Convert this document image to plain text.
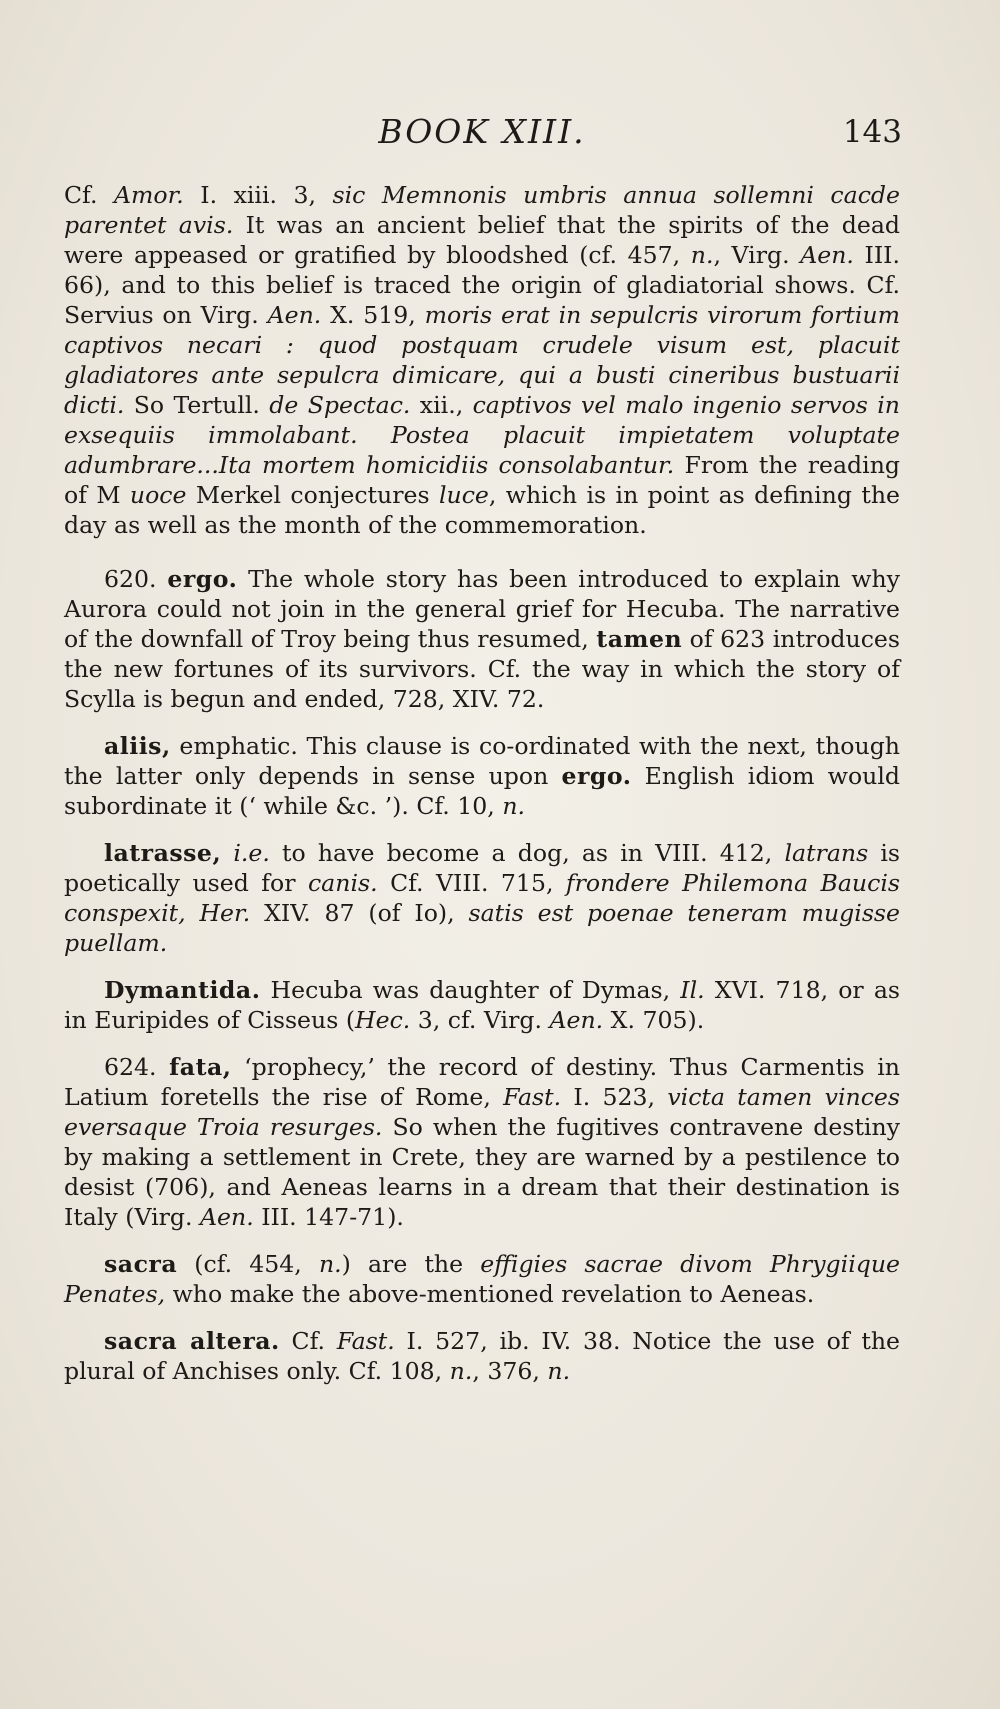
BOOK XIII.	143

Cf. Amor. I. xiii. 3, sic Memnonis umbris annua sollemni cacde parentet avis. It was an ancient belief that the spirits of the dead were appeased or gratified by bloodshed (cf. 457, n., Virg. Aen. III. 66), and to this belief is traced the origin of gladiatorial shows. Cf. Servius on Virg. Aen. X. 519, moris erat in sepulcris virorum fortium captivos necari : quod postquam crudele visum est, placuit gladiatores ante sepulcra dimicare, qui a busti cineribus bustuarii dicti. So Tertull. de Spectac. xii., captivos vel malo ingenio servos in exsequiis immolabant. Postea placuit impietatem voluptate adumbrare...Ita mortem homicidiis consolabantur. From the reading of M uoce Merkel conjectures luce, which is in point as defining the day as well as the month of the commemoration.

620. ergo. The whole story has been introduced to explain why Aurora could not join in the general grief for Hecuba. The narrative of the downfall of Troy being thus resumed, tamen of 623 introduces the new fortunes of its survivors. Cf. the way in which the story of Scylla is begun and ended, 728, XIV. 72.

aliis, emphatic. This clause is co-ordinated with the next, though the latter only depends in sense upon ergo. English idiom would subordinate it (‘ while &c. ’). Cf. 10, n.

latrasse, i.e. to have become a dog, as in VIII. 412, latrans is poetically used for canis. Cf. VIII. 715, frondere Philemona Baucis conspexit, Her. XIV. 87 (of Io), satis est poenae teneram mugisse puellam.

Dymantida. Hecuba was daughter of Dymas, Il. XVI. 718, or as in Euripides of Cisseus (Hec. 3, cf. Virg. Aen. X. 705).

624. fata, ‘prophecy,’ the record of destiny. Thus Carmentis in Latium foretells the rise of Rome, Fast. I. 523, victa tamen vinces eversaque Troia resurges. So when the fugitives contravene destiny by making a settlement in Crete, they are warned by a pestilence to desist (706), and Aeneas learns in a dream that their destination is Italy (Virg. Aen. III. 147-71).

sacra (cf. 454, n.) are the effigies sacrae divom Phrygiique Penates, who make the above-mentioned revelation to Aeneas.

sacra altera. Cf. Fast. I. 527, ib. IV. 38. Notice the use of the plural of Anchises only. Cf. 108, n., 376, n.
